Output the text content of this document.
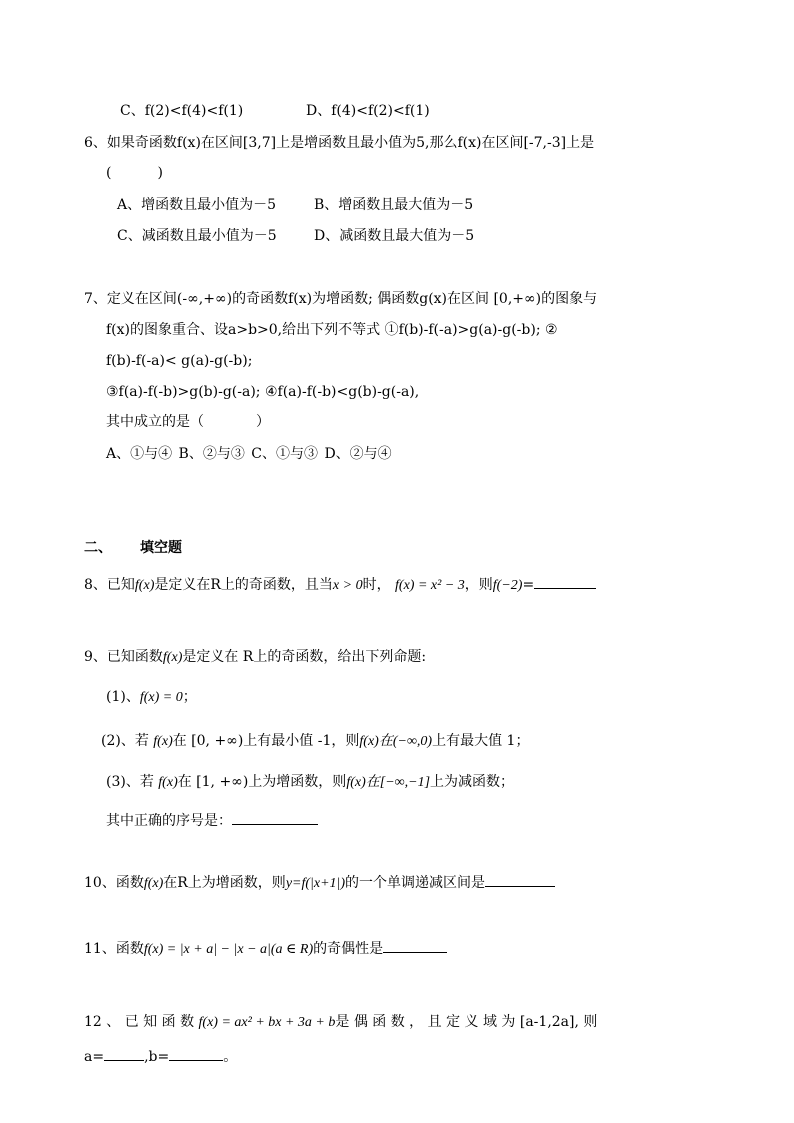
C、f(2)<f(4)<f(1)	D、f(4)<f(2)<f(1)
6、如果奇函数f(x)在区间[3,7]上是增函数且最小值为5,那么f(x)在区间[-7,-3]上是
(	)
A、增函数且最小值为－5	B、增函数且最大值为－5
C、减函数且最小值为－5	D、减函数且最大值为－5
7、定义在区间(-∞,+∞)的奇函数f(x)为增函数; 偶函数g(x)在区间 [0,+∞)的图象与
f(x)的图象重合、设a>b>0,给出下列不等式 ①f(b)-f(-a)>g(a)-g(-b); ②
f(b)-f(-a)< g(a)-g(-b);
③f(a)-f(-b)>g(b)-g(-a); ④f(a)-f(-b)<g(b)-g(-a),
其中成立的是（	）
A、①与④ B、②与③ C、①与③ D、②与④
二、 填空题
8、已知f(x)是定义在R上的奇函数，且当x > 0时， f(x) = x² − 3，则f(−2)=
9、已知函数f(x)是定义在 R上的奇函数，给出下列命题:
(1)、f(x) = 0；
(2)、若 f(x)在 [0, +∞)上有最小值 -1，则f(x)在(−∞,0)上有最大值 1；
(3)、若 f(x)在 [1, +∞)上为增函数，则f(x)在[−∞,−1]上为减函数；
其中正确的序号是：
10、函数f(x)在R上为增函数，则y=f(|x+1|)的一个单调递减区间是
11、函数f(x) = |x + a| − |x − a|(a ∈ R)的奇偶性是
12 、 已 知 函 数 f(x) = ax² + bx + 3a + b是 偶 函 数 ， 且 定 义 域 为 [a-1,2a], 则
a=	,b=	。
